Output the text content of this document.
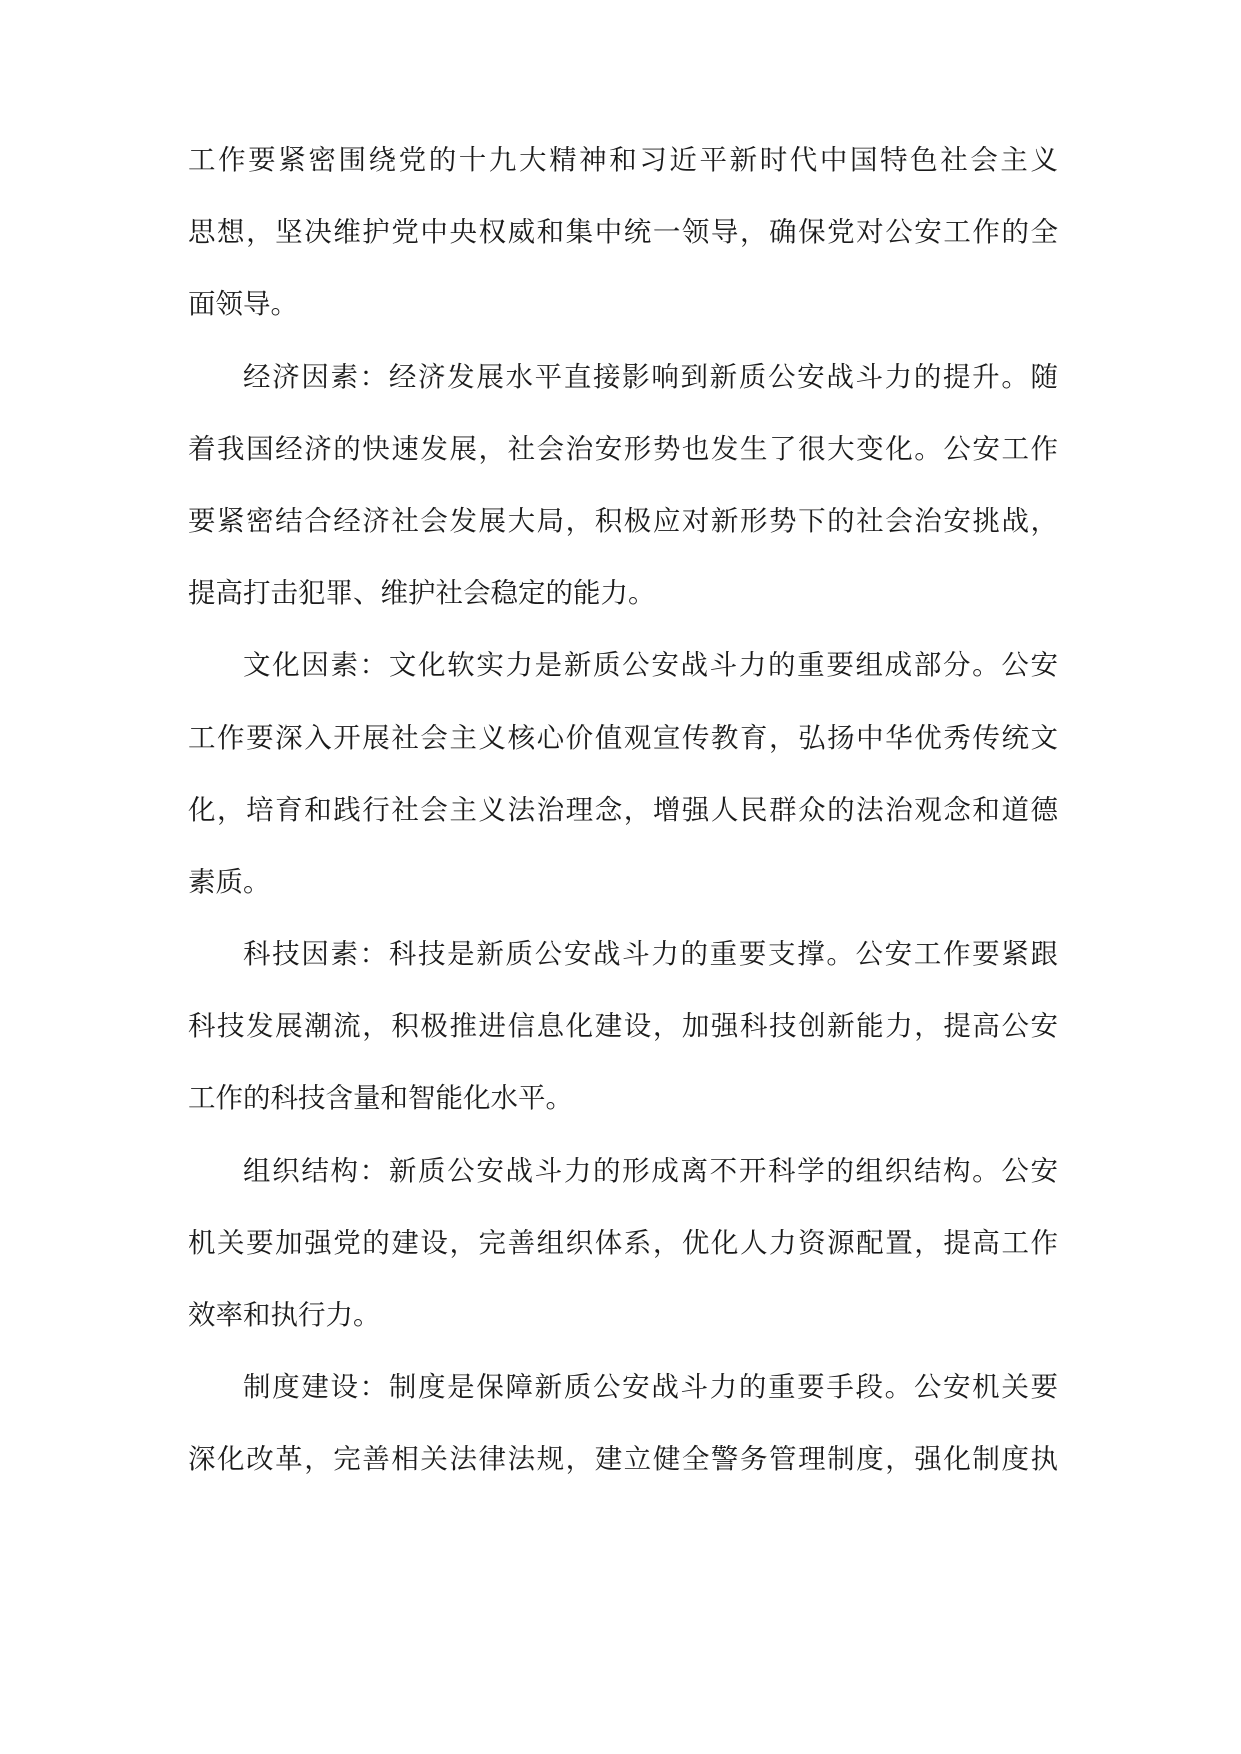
工作要紧密围绕党的十九大精神和习近平新时代中国特色社会主义
思想，坚决维护党中央权威和集中统一领导，确保党对公安工作的全
面领导。
经济因素：经济发展水平直接影响到新质公安战斗力的提升。随
着我国经济的快速发展，社会治安形势也发生了很大变化。公安工作
要紧密结合经济社会发展大局，积极应对新形势下的社会治安挑战，
提高打击犯罪、维护社会稳定的能力。
文化因素：文化软实力是新质公安战斗力的重要组成部分。公安
工作要深入开展社会主义核心价值观宣传教育，弘扬中华优秀传统文
化，培育和践行社会主义法治理念，增强人民群众的法治观念和道德
素质。
科技因素：科技是新质公安战斗力的重要支撑。公安工作要紧跟
科技发展潮流，积极推进信息化建设，加强科技创新能力，提高公安
工作的科技含量和智能化水平。
组织结构：新质公安战斗力的形成离不开科学的组织结构。公安
机关要加强党的建设，完善组织体系，优化人力资源配置，提高工作
效率和执行力。
制度建设：制度是保障新质公安战斗力的重要手段。公安机关要
深化改革，完善相关法律法规，建立健全警务管理制度，强化制度执
